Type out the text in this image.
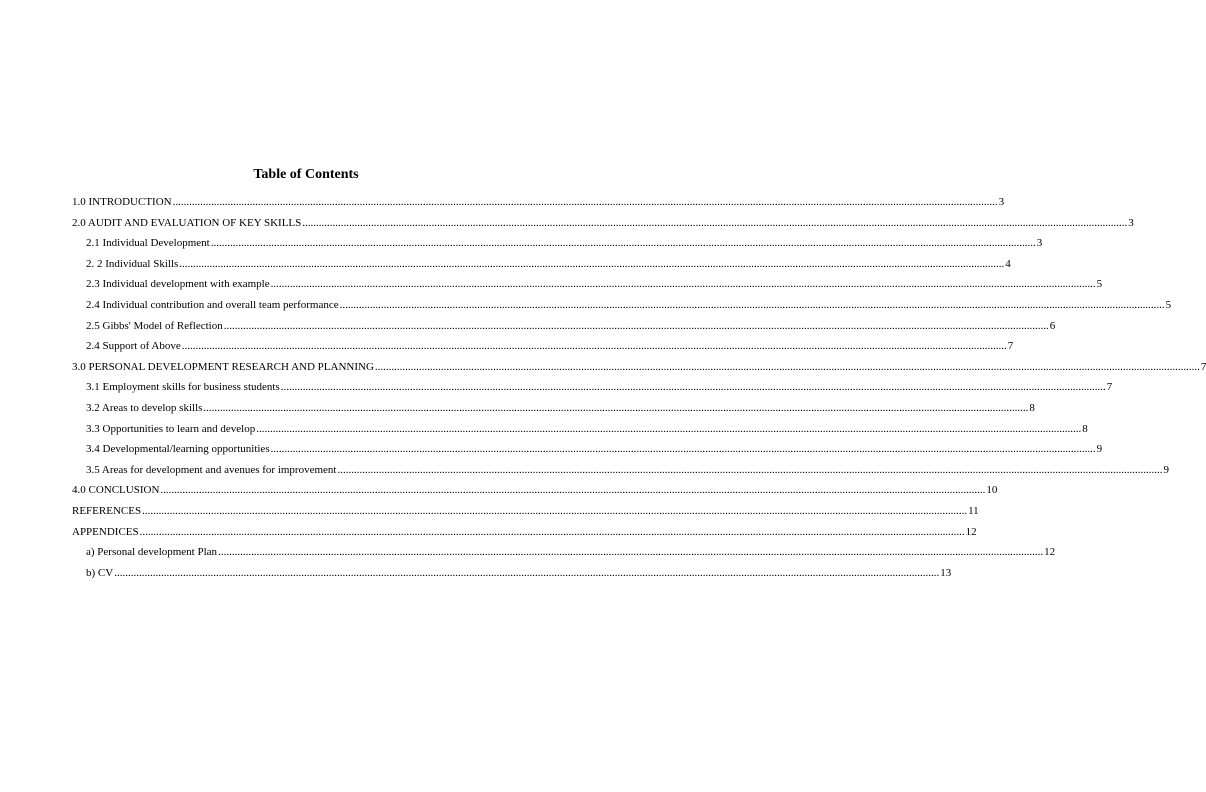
Table of Contents
1.0 INTRODUCTION ............................................................................................................................................................................................................................................................................................................ 3
2.0 AUDIT AND EVALUATION OF KEY SKILLS ............................................................................................................................................................................................................................................................................................................ 3
2.1 Individual Development ............................................................................................................................................................................................................................................................................................................ 3
2. 2 Individual Skills ............................................................................................................................................................................................................................................................................................................ 4
2.3 Individual development with example ............................................................................................................................................................................................................................................................................................................ 5
2.4 Individual contribution and overall team performance ............................................................................................................................................................................................................................................................................................................ 5
2.5 Gibbs' Model of Reflection ............................................................................................................................................................................................................................................................................................................ 6
2.4 Support of Above ............................................................................................................................................................................................................................................................................................................ 7
3.0 PERSONAL DEVELOPMENT RESEARCH AND PLANNING ............................................................................................................................................................................................................................................................................................................ 7
3.1 Employment skills for business students ............................................................................................................................................................................................................................................................................................................ 7
3.2 Areas to develop skills ............................................................................................................................................................................................................................................................................................................ 8
3.3 Opportunities to learn and develop ............................................................................................................................................................................................................................................................................................................ 8
3.4 Developmental/learning opportunities ............................................................................................................................................................................................................................................................................................................ 9
3.5 Areas for development and avenues for improvement ............................................................................................................................................................................................................................................................................................................ 9
4.0 CONCLUSION ............................................................................................................................................................................................................................................................................................................ 10
REFERENCES ............................................................................................................................................................................................................................................................................................................ 11
APPENDICES ............................................................................................................................................................................................................................................................................................................ 12
a) Personal development Plan ............................................................................................................................................................................................................................................................................................................ 12
b) CV ............................................................................................................................................................................................................................................................................................................ 13
